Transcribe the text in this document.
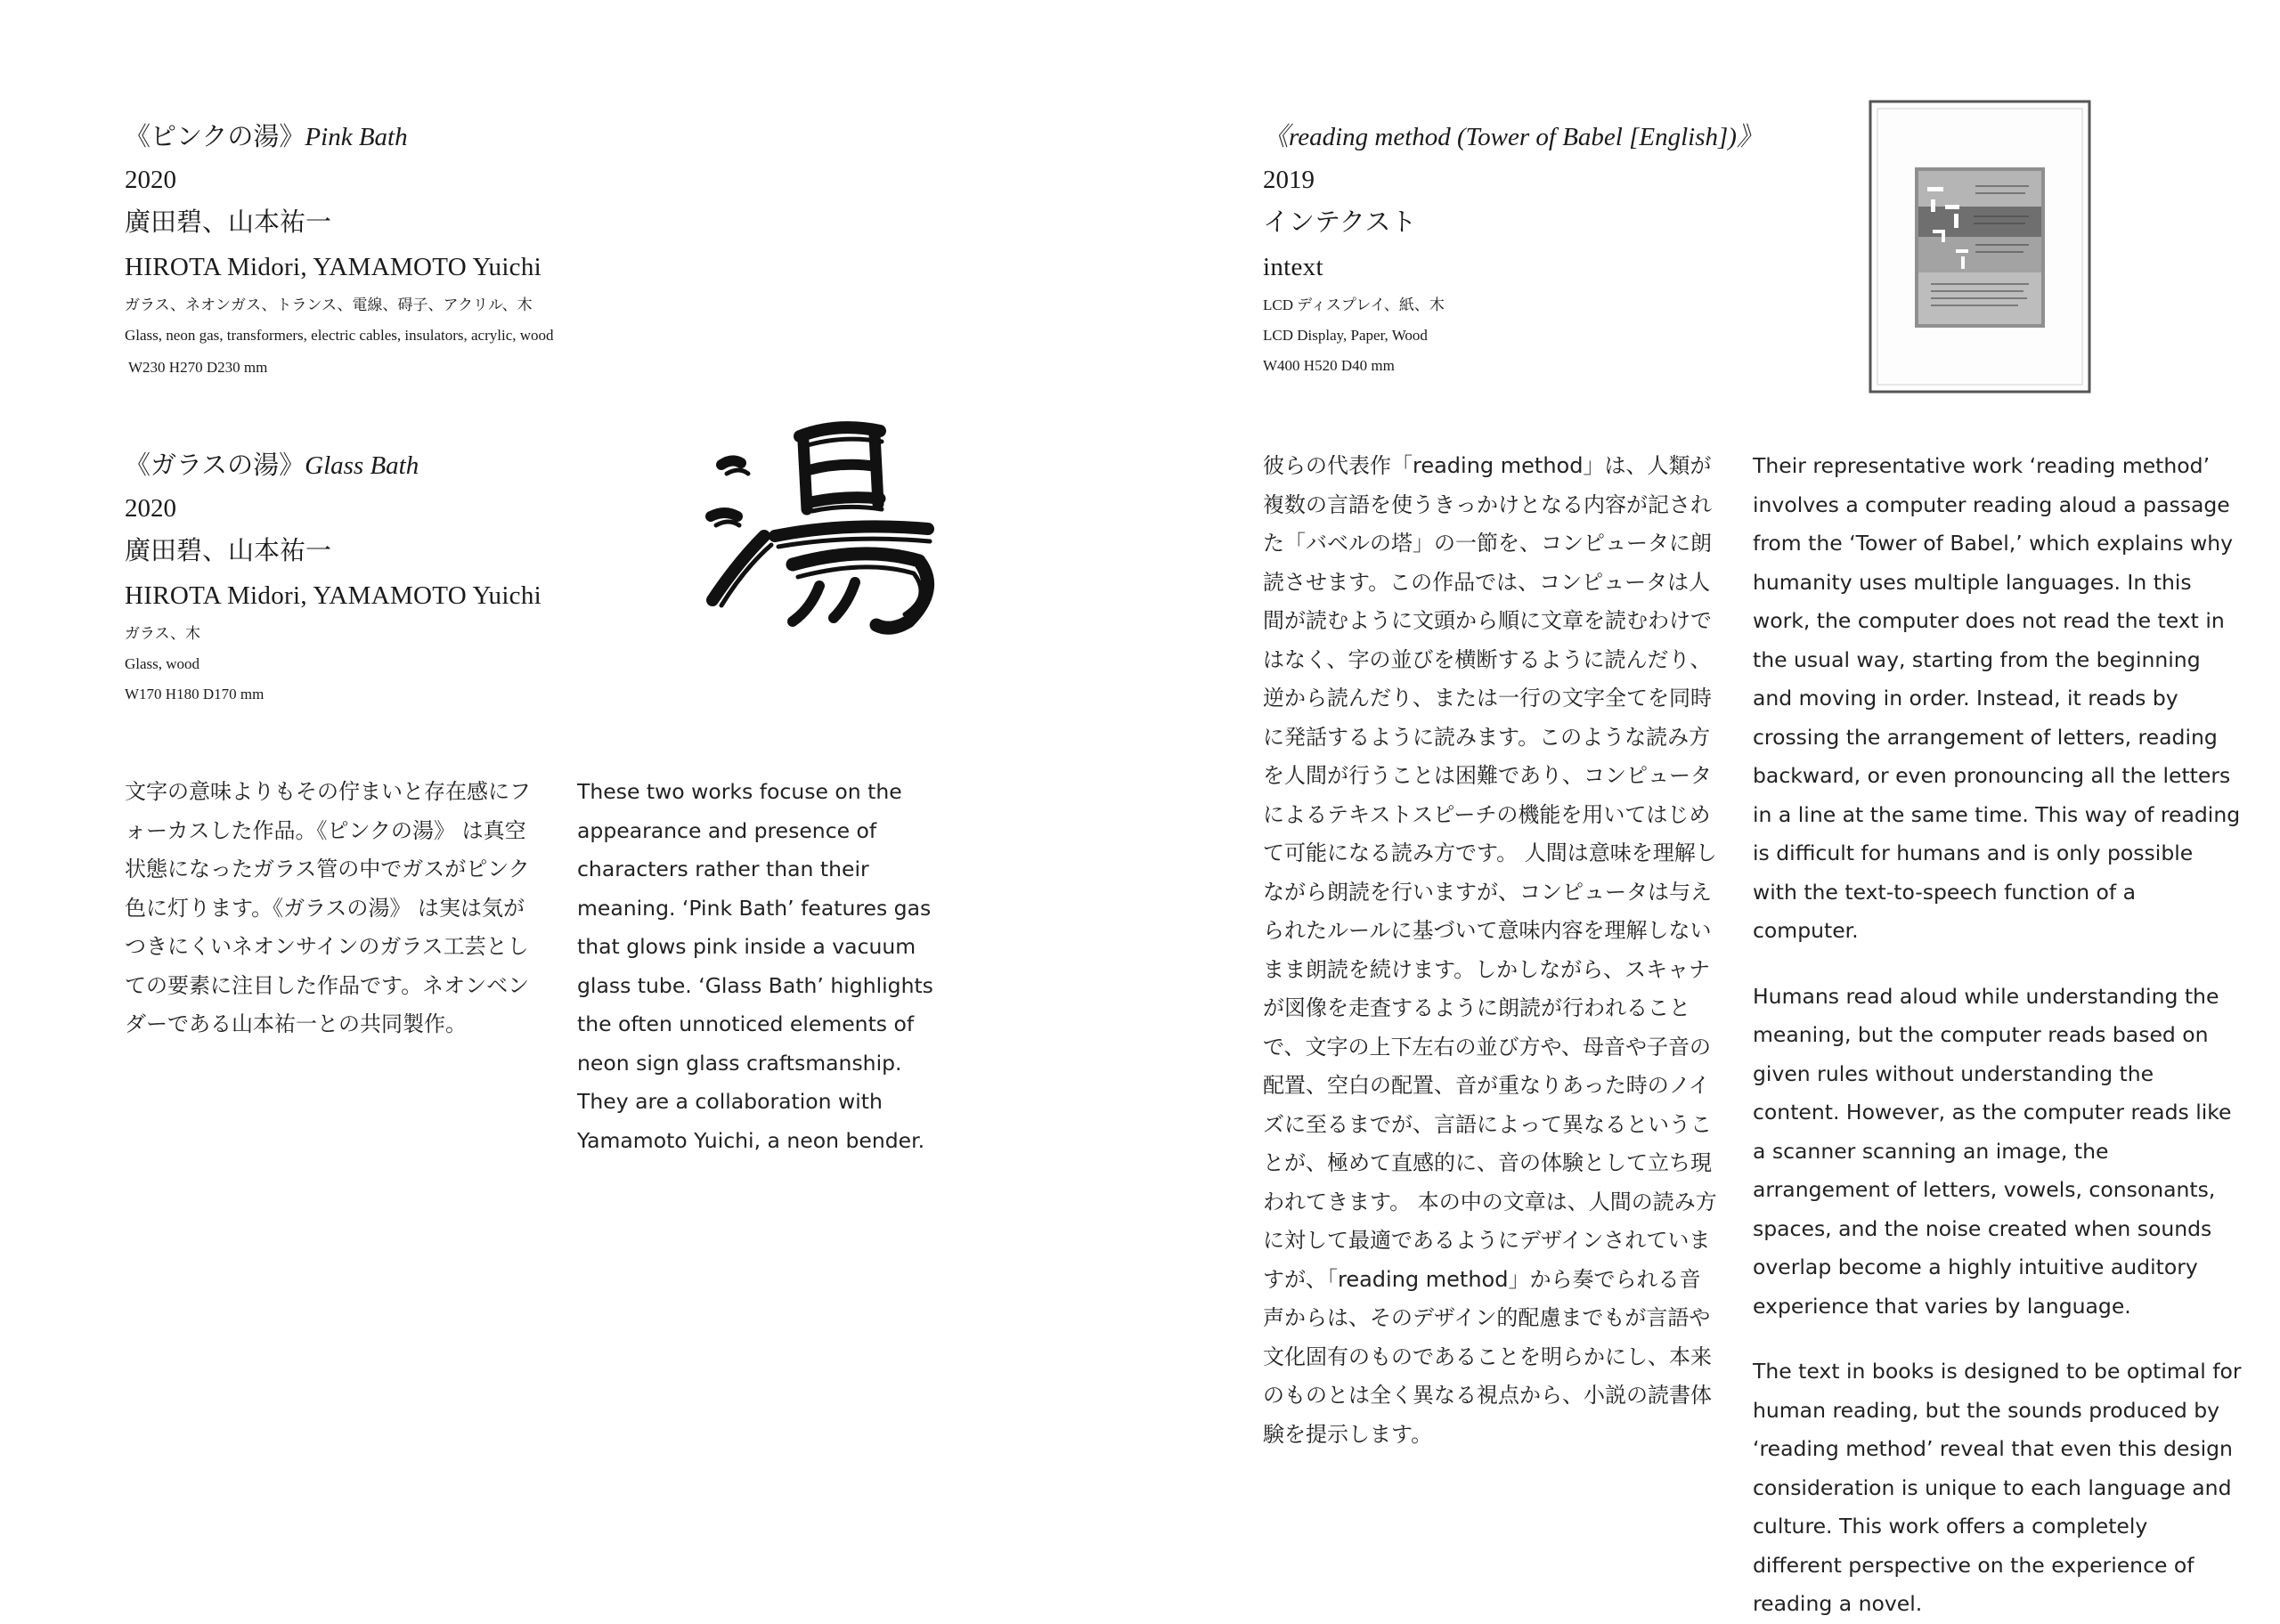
《ピンクの湯》Pink Bath
2020
廣田碧、山本祐一
HIROTA Midori, YAMAMOTO Yuichi
ガラス、ネオンガス、トランス、電線、碍子、アクリル、木
Glass, neon gas, transformers, electric cables, insulators, acrylic, wood
W230 H270 D230 mm
《ガラスの湯》Glass Bath
2020
廣田碧、山本祐一
HIROTA Midori, YAMAMOTO Yuichi
ガラス、木
Glass, wood
W170 H180 D170 mm

文字の意味よりもその佇まいと存在感にフォーカスした作品。《ピンクの湯》 は真空状態になったガラス管の中でガスがピンク色に灯ります。《ガラスの湯》 は実は気がつきにくいネオンサインのガラス工芸としての要素に注目した作品です。ネオンベンダーである山本祐一との共同製作。

These two works focuse on the appearance and presence of characters rather than their meaning. ‘Pink Bath’ features gas that glows pink inside a vacuum glass tube. ‘Glass Bath’ highlights the often unnoticed elements of neon sign glass craftsmanship. They are a collaboration with Yamamoto Yuichi, a neon bender.

《reading method (Tower of Babel [English])》
2019
インテクスト
intext
LCD ディスプレイ、紙、木
LCD Display, Paper, Wood
W400 H520 D40 mm

彼らの代表作「reading method」は、人類が複数の言語を使うきっかけとなる内容が記された「バベルの塔」の一節を、コンピュータに朗読させます。この作品では、コンピュータは人間が読むように文頭から順に文章を読むわけではなく、字の並びを横断するように読んだり、逆から読んだり、または一行の文字全てを同時に発話するように読みます。このような読み方を人間が行うことは困難であり、コンピュータによるテキストスピーチの機能を用いてはじめて可能になる読み方です。 人間は意味を理解しながら朗読を行いますが、コンピュータは与えられたルールに基づいて意味内容を理解しないまま朗読を続けます。しかしながら、スキャナが図像を走査するように朗読が行われることで、文字の上下左右の並び方や、母音や子音の配置、空白の配置、音が重なりあった時のノイズに至るまでが、言語によって異なるということが、極めて直感的に、音の体験として立ち現われてきます。 本の中の文章は、人間の読み方に対して最適であるようにデザインされていますが、「reading method」から奏でられる音声からは、そのデザイン的配慮までもが言語や文化固有のものであることを明らかにし、本来のものとは全く異なる視点から、小説の読書体験を提示します。

Their representative work ‘reading method’ involves a computer reading aloud a passage from the ‘Tower of Babel,’ which explains why humanity uses multiple languages. In this work, the computer does not read the text in the usual way, starting from the beginning and moving in order. Instead, it reads by crossing the arrangement of letters, reading backward, or even pronouncing all the letters in a line at the same time. This way of reading is difficult for humans and is only possible with the text-to-speech function of a computer.

Humans read aloud while understanding the meaning, but the computer reads based on given rules without understanding the content. However, as the computer reads like a scanner scanning an image, the arrangement of letters, vowels, consonants, spaces, and the noise created when sounds overlap become a highly intuitive auditory experience that varies by language.

The text in books is designed to be optimal for human reading, but the sounds produced by ‘reading method’ reveal that even this design consideration is unique to each language and culture. This work offers a completely different perspective on the experience of reading a novel.
